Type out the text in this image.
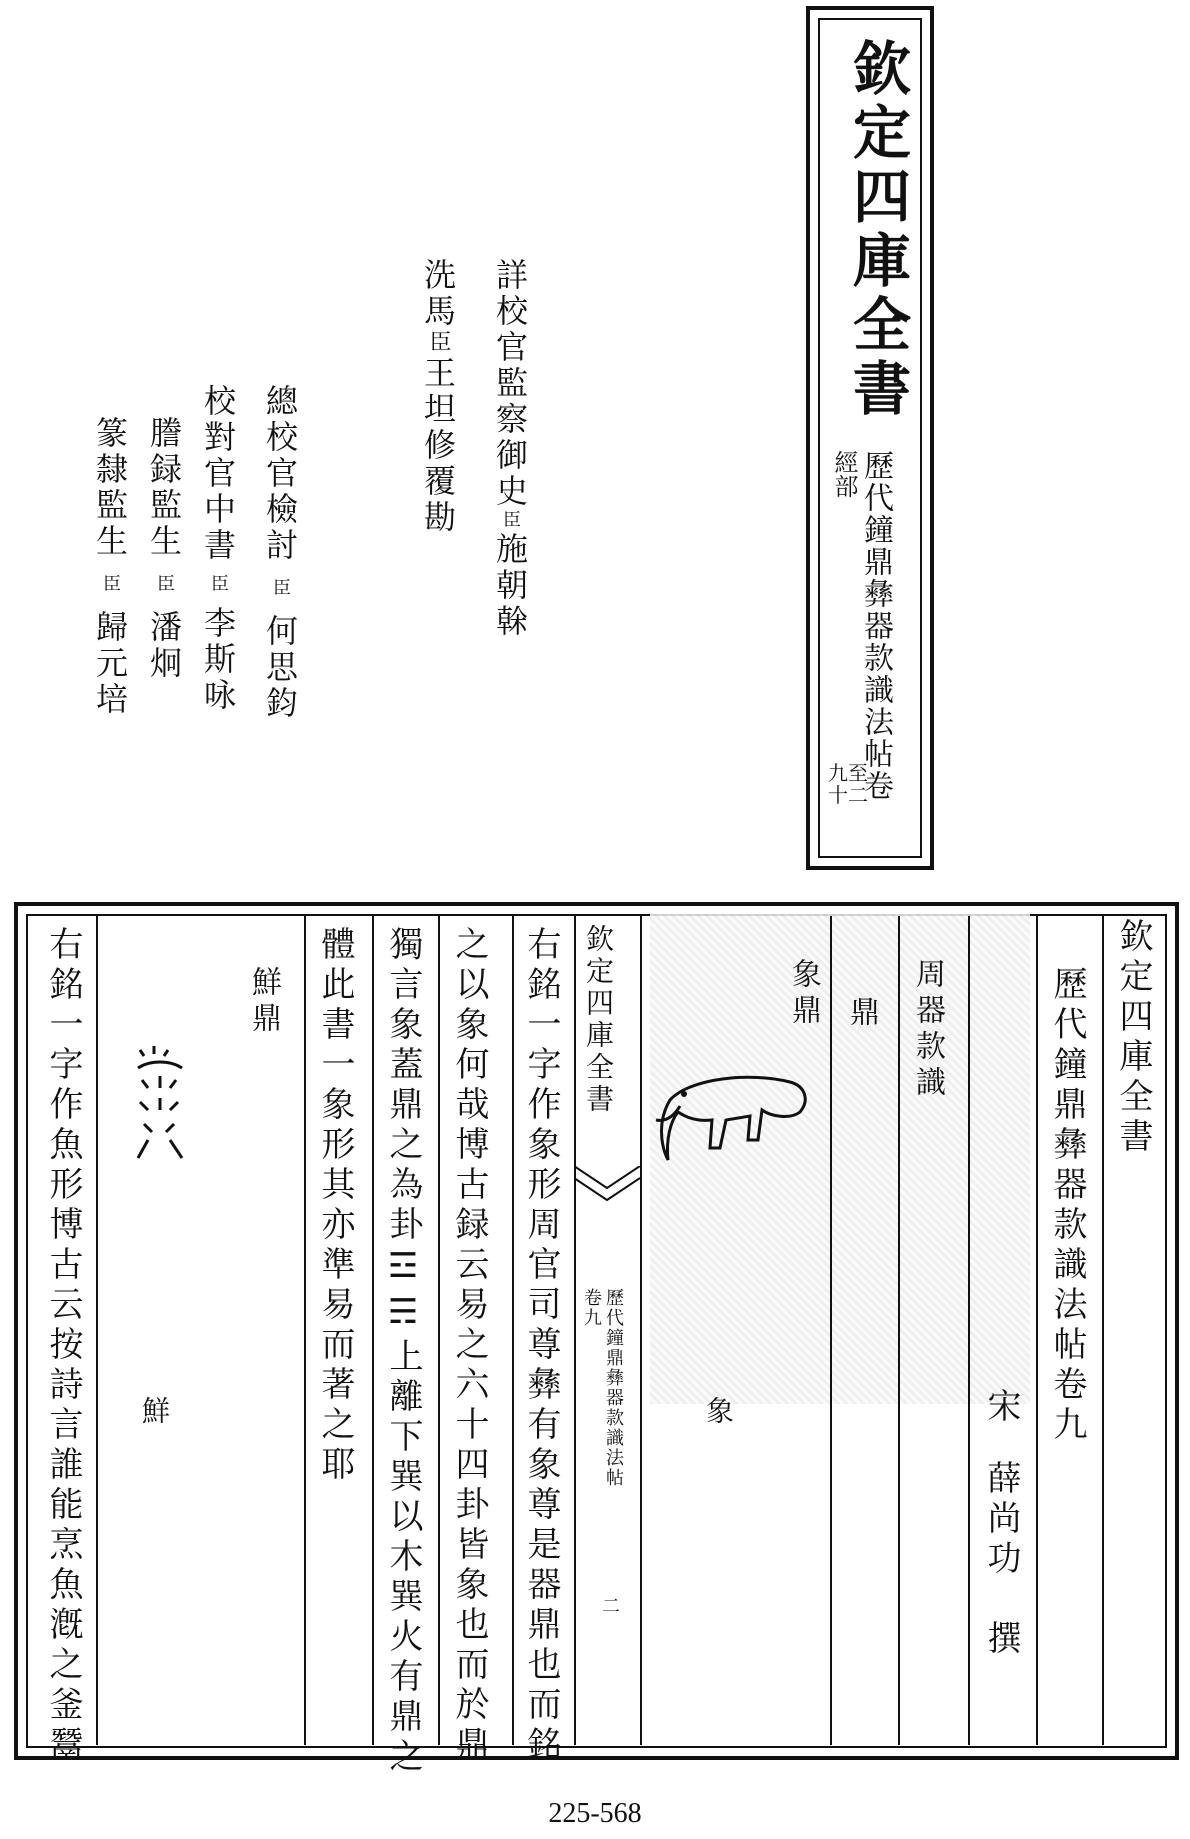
欽定四庫全書
經部 歷代鐘鼎彝器款識法帖卷
九至
十二
詳校官監察御史臣施朝榦
洗馬臣王坦修覆勘
總校官檢討臣何思鈞
校對官中書臣李斯咏
謄録監生臣潘炯
篆隸監生臣歸元培
欽定四庫全書
歷代鐘鼎彝器款識法帖卷九
宋
薛尚功
撰
周器款識
鼎
象鼎
象
欽定四庫全書
歷代鐘鼎彝器款識法帖
卷九
二
右銘一字作象形周官司尊彝有象尊是器鼎也而銘
之以象何哉博古録云易之六十四卦皆象也而於鼎
獨言象蓋鼎之為卦☲☴上離下巽以木巽火有鼎之
體此書一象形其亦準易而著之耶
鮮鼎
鮮
右銘一字作魚形博古云按詩言誰能烹魚漑之釜鬵
225-568
